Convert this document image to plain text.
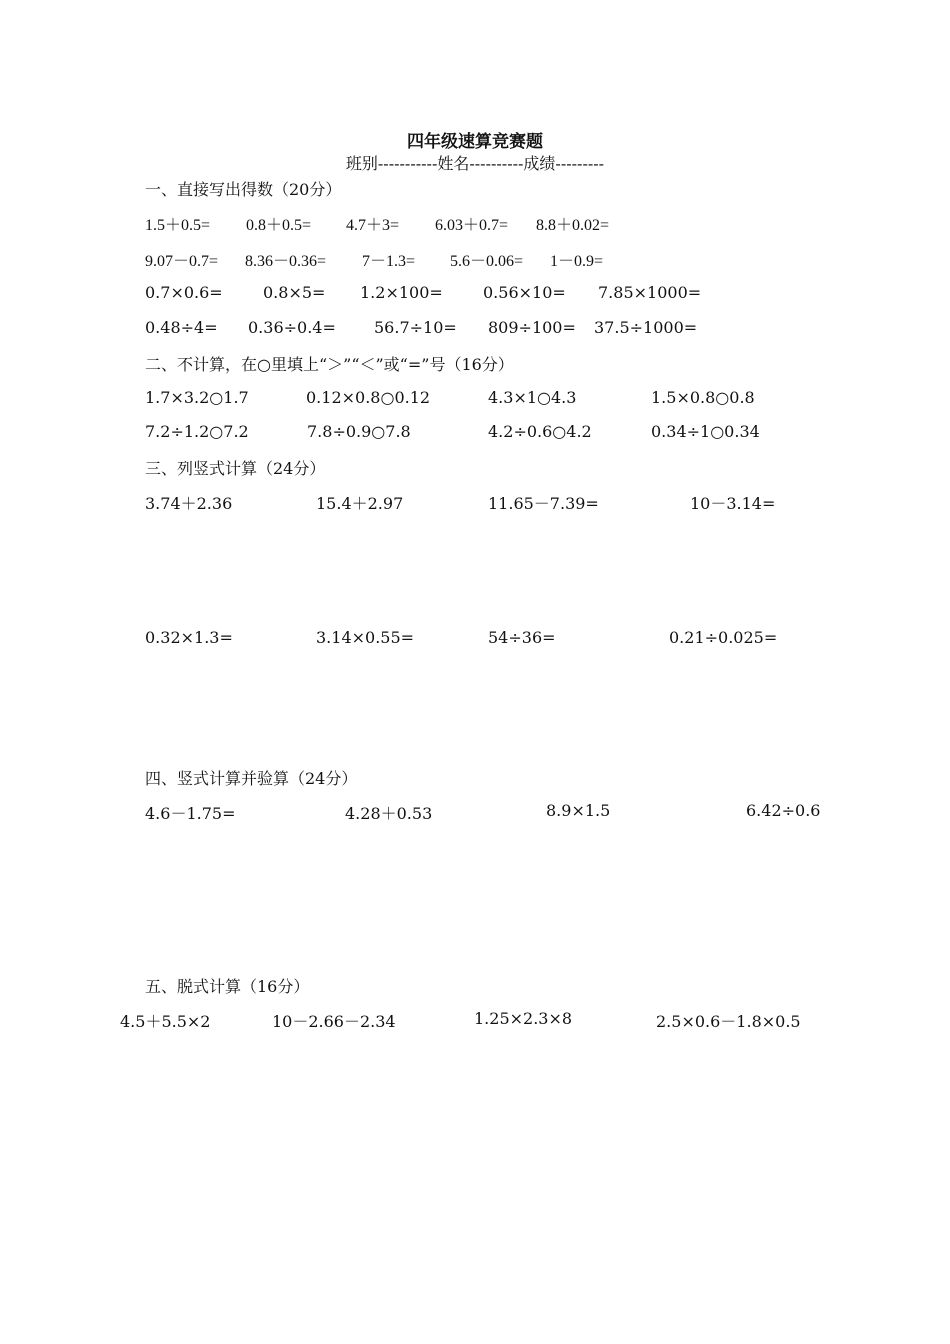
四年级速算竞赛题
班别-----------姓名----------成绩---------
一、直接写出得数（20分）
1.5＋0.5= 0.8＋0.5= 4.7＋3= 6.03＋0.7= 8.8＋0.02=
9.07－0.7= 8.36－0.36= 7－1.3= 5.6－0.06= 1－0.9=
0.7×0.6=	0.8×5= 1.2×100=	0.56×10= 7.85×1000=
0.48÷4= 0.36÷0.4= 56.7÷10= 809÷100= 37.5÷1000=
二、不计算，在○里填上“＞”“＜”或“=”号（16分）
1.7×3.2○1.7	0.12×0.8○0.12	4.3×1○4.3	1.5×0.8○0.8
7.2÷1.2○7.2	7.8÷0.9○7.8	4.2÷0.6○4.2	0.34÷1○0.34
三、列竖式计算（24分）
3.74＋2.36	15.4＋2.97	11.65－7.39=	10－3.14=
0.32×1.3=	3.14×0.55=	54÷36=	0.21÷0.025=
四、竖式计算并验算（24分）
4.6－1.75=	4.28＋0.53	8.9×1.5	6.42÷0.6
五、脱式计算（16分）
4.5＋5.5×2	10－2.66－2.34	1.25×2.3×8	2.5×0.6－1.8×0.5
